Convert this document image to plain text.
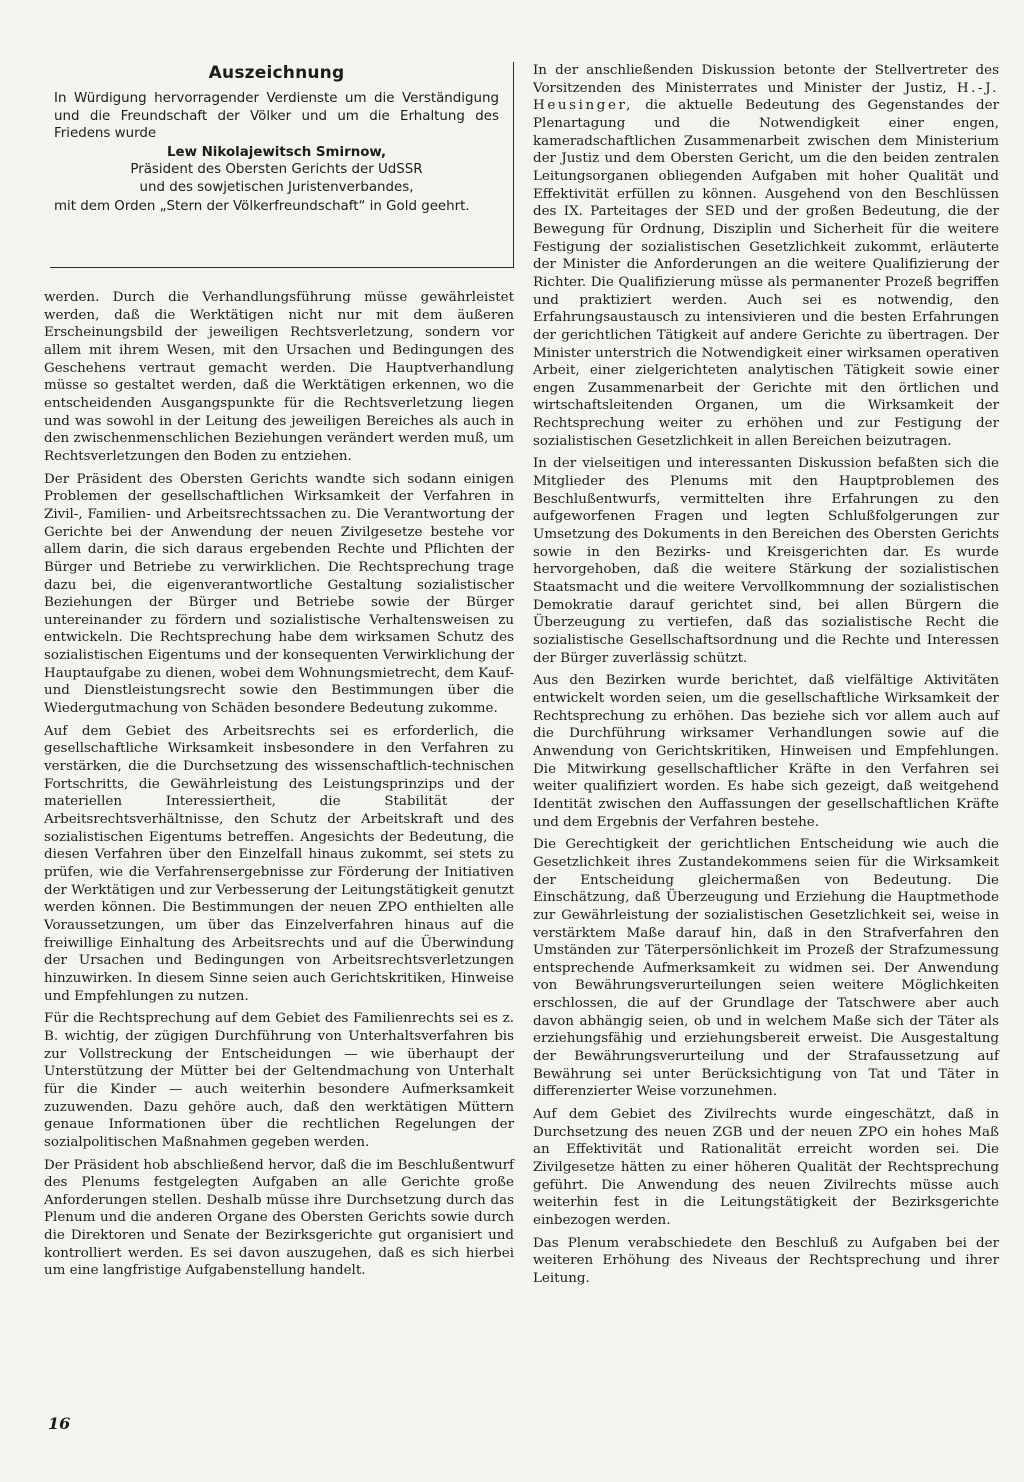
Auszeichnung

In Würdigung hervorragender Verdienste um die Verständigung und die Freundschaft der Völker und um die Erhaltung des Friedens wurde

Lew Nikolajewitsch Smirnow,
Präsident des Obersten Gerichts der UdSSR
und des sowjetischen Juristenverbandes,
mit dem Orden „Stern der Völkerfreundschaft“ in Gold geehrt.

werden. Durch die Verhandlungsführung müsse gewährleistet werden, daß die Werktätigen nicht nur mit dem äußeren Erscheinungsbild der jeweiligen Rechtsverletzung, sondern vor allem mit ihrem Wesen, mit den Ursachen und Bedingungen des Geschehens vertraut gemacht werden. Die Hauptverhandlung müsse so gestaltet werden, daß die Werktätigen erkennen, wo die entscheidenden Ausgangspunkte für die Rechtsverletzung liegen und was sowohl in der Leitung des jeweiligen Bereiches als auch in den zwischenmenschlichen Beziehungen verändert werden muß, um Rechtsverletzungen den Boden zu entziehen.

Der Präsident des Obersten Gerichts wandte sich sodann einigen Problemen der gesellschaftlichen Wirksamkeit der Verfahren in Zivil-, Familien- und Arbeitsrechtssachen zu. Die Verantwortung der Gerichte bei der Anwendung der neuen Zivilgesetze bestehe vor allem darin, die sich daraus ergebenden Rechte und Pflichten der Bürger und Betriebe zu verwirklichen. Die Rechtsprechung trage dazu bei, die eigenverantwortliche Gestaltung sozialistischer Beziehungen der Bürger und Betriebe sowie der Bürger untereinander zu fördern und sozialistische Verhaltensweisen zu entwickeln. Die Rechtsprechung habe dem wirksamen Schutz des sozialistischen Eigentums und der konsequenten Verwirklichung der Hauptaufgabe zu dienen, wobei dem Wohnungsmietrecht, dem Kauf- und Dienstleistungsrecht sowie den Bestimmungen über die Wiedergutmachung von Schäden besondere Bedeutung zukomme.

Auf dem Gebiet des Arbeitsrechts sei es erforderlich, die gesellschaftliche Wirksamkeit insbesondere in den Verfahren zu verstärken, die die Durchsetzung des wissenschaftlich-technischen Fortschritts, die Gewährleistung des Leistungsprinzips und der materiellen Interessiertheit, die Stabilität der Arbeitsrechtsverhältnisse, den Schutz der Arbeitskraft und des sozialistischen Eigentums betreffen. Angesichts der Bedeutung, die diesen Verfahren über den Einzelfall hinaus zukommt, sei stets zu prüfen, wie die Verfahrensergebnisse zur Förderung der Initiativen der Werktätigen und zur Verbesserung der Leitungstätigkeit genutzt werden können. Die Bestimmungen der neuen ZPO enthielten alle Voraussetzungen, um über das Einzelverfahren hinaus auf die freiwillige Einhaltung des Arbeitsrechts und auf die Überwindung der Ursachen und Bedingungen von Arbeitsrechtsverletzungen hinzuwirken. In diesem Sinne seien auch Gerichtskritiken, Hinweise und Empfehlungen zu nutzen.

Für die Rechtsprechung auf dem Gebiet des Familienrechts sei es z. B. wichtig, der zügigen Durchführung von Unterhaltsverfahren bis zur Vollstreckung der Entscheidungen — wie überhaupt der Unterstützung der Mütter bei der Geltendmachung von Unterhalt für die Kinder — auch weiterhin besondere Aufmerksamkeit zuzuwenden. Dazu gehöre auch, daß den werktätigen Müttern genaue Informationen über die rechtlichen Regelungen der sozialpolitischen Maßnahmen gegeben werden.

Der Präsident hob abschließend hervor, daß die im Beschlußentwurf des Plenums festgelegten Aufgaben an alle Gerichte große Anforderungen stellen. Deshalb müsse ihre Durchsetzung durch das Plenum und die anderen Organe des Obersten Gerichts sowie durch die Direktoren und Senate der Bezirksgerichte gut organisiert und kontrolliert werden. Es sei davon auszugehen, daß es sich hierbei um eine langfristige Aufgabenstellung handelt.

In der anschließenden Diskussion betonte der Stellvertreter des Vorsitzenden des Ministerrates und Minister der Justiz, H.-J. Heusinger, die aktuelle Bedeutung des Gegenstandes der Plenartagung und die Notwendigkeit einer engen, kameradschaftlichen Zusammenarbeit zwischen dem Ministerium der Justiz und dem Obersten Gericht, um die den beiden zentralen Leitungsorganen obliegenden Aufgaben mit hoher Qualität und Effektivität erfüllen zu können. Ausgehend von den Beschlüssen des IX. Parteitages der SED und der großen Bedeutung, die der Bewegung für Ordnung, Disziplin und Sicherheit für die weitere Festigung der sozialistischen Gesetzlichkeit zukommt, erläuterte der Minister die Anforderungen an die weitere Qualifizierung der Richter. Die Qualifizierung müsse als permanenter Prozeß begriffen und praktiziert werden. Auch sei es notwendig, den Erfahrungsaustausch zu intensivieren und die besten Erfahrungen der gerichtlichen Tätigkeit auf andere Gerichte zu übertragen. Der Minister unterstrich die Notwendigkeit einer wirksamen operativen Arbeit, einer zielgerichteten analytischen Tätigkeit sowie einer engen Zusammenarbeit der Gerichte mit den örtlichen und wirtschaftsleitenden Organen, um die Wirksamkeit der Rechtsprechung weiter zu erhöhen und zur Festigung der sozialistischen Gesetzlichkeit in allen Bereichen beizutragen.

In der vielseitigen und interessanten Diskussion befaßten sich die Mitglieder des Plenums mit den Hauptproblemen des Beschlußentwurfs, vermittelten ihre Erfahrungen zu den aufgeworfenen Fragen und legten Schlußfolgerungen zur Umsetzung des Dokuments in den Bereichen des Obersten Gerichts sowie in den Bezirks- und Kreisgerichten dar. Es wurde hervorgehoben, daß die weitere Stärkung der sozialistischen Staatsmacht und die weitere Vervollkommnung der sozialistischen Demokratie darauf gerichtet sind, bei allen Bürgern die Überzeugung zu vertiefen, daß das sozialistische Recht die sozialistische Gesellschaftsordnung und die Rechte und Interessen der Bürger zuverlässig schützt.

Aus den Bezirken wurde berichtet, daß vielfältige Aktivitäten entwickelt worden seien, um die gesellschaftliche Wirksamkeit der Rechtsprechung zu erhöhen. Das beziehe sich vor allem auch auf die Durchführung wirksamer Verhandlungen sowie auf die Anwendung von Gerichtskritiken, Hinweisen und Empfehlungen. Die Mitwirkung gesellschaftlicher Kräfte in den Verfahren sei weiter qualifiziert worden. Es habe sich gezeigt, daß weitgehend Identität zwischen den Auffassungen der gesellschaftlichen Kräfte und dem Ergebnis der Verfahren bestehe.

Die Gerechtigkeit der gerichtlichen Entscheidung wie auch die Gesetzlichkeit ihres Zustandekommens seien für die Wirksamkeit der Entscheidung gleichermaßen von Bedeutung. Die Einschätzung, daß Überzeugung und Erziehung die Hauptmethode zur Gewährleistung der sozialistischen Gesetzlichkeit sei, weise in verstärktem Maße darauf hin, daß in den Strafverfahren den Umständen zur Täterpersönlichkeit im Prozeß der Strafzumessung entsprechende Aufmerksamkeit zu widmen sei. Der Anwendung von Bewährungsverurteilungen seien weitere Möglichkeiten erschlossen, die auf der Grundlage der Tatschwere aber auch davon abhängig seien, ob und in welchem Maße sich der Täter als erziehungsfähig und erziehungsbereit erweist. Die Ausgestaltung der Bewährungsverurteilung und der Strafaussetzung auf Bewährung sei unter Berücksichtigung von Tat und Täter in differenzierter Weise vorzunehmen.

Auf dem Gebiet des Zivilrechts wurde eingeschätzt, daß in Durchsetzung des neuen ZGB und der neuen ZPO ein hohes Maß an Effektivität und Rationalität erreicht worden sei. Die Zivilgesetze hätten zu einer höheren Qualität der Rechtsprechung geführt. Die Anwendung des neuen Zivilrechts müsse auch weiterhin fest in die Leitungstätigkeit der Bezirksgerichte einbezogen werden.

Das Plenum verabschiedete den Beschluß zu Aufgaben bei der weiteren Erhöhung des Niveaus der Rechtsprechung und ihrer Leitung.

16
